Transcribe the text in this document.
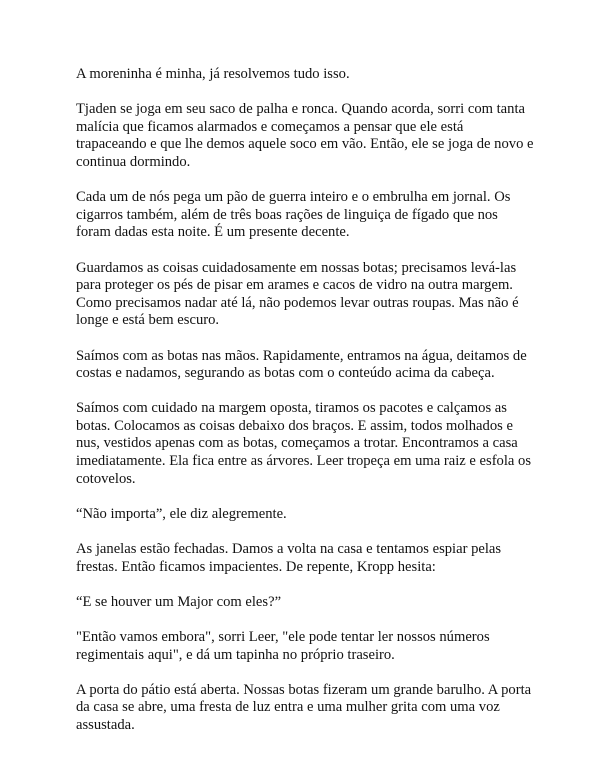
A moreninha é minha, já resolvemos tudo isso.

Tjaden se joga em seu saco de palha e ronca. Quando acorda, sorri com tanta malícia que ficamos alarmados e começamos a pensar que ele está trapaceando e que lhe demos aquele soco em vão. Então, ele se joga de novo e continua dormindo.

Cada um de nós pega um pão de guerra inteiro e o embrulha em jornal. Os cigarros também, além de três boas rações de linguiça de fígado que nos foram dadas esta noite. É um presente decente.

Guardamos as coisas cuidadosamente em nossas botas; precisamos levá-las para proteger os pés de pisar em arames e cacos de vidro na outra margem. Como precisamos nadar até lá, não podemos levar outras roupas. Mas não é longe e está bem escuro.

Saímos com as botas nas mãos. Rapidamente, entramos na água, deitamos de costas e nadamos, segurando as botas com o conteúdo acima da cabeça.

Saímos com cuidado na margem oposta, tiramos os pacotes e calçamos as botas. Colocamos as coisas debaixo dos braços. E assim, todos molhados e nus, vestidos apenas com as botas, começamos a trotar. Encontramos a casa imediatamente. Ela fica entre as árvores. Leer tropeça em uma raiz e esfola os cotovelos.

“Não importa”, ele diz alegremente.

As janelas estão fechadas. Damos a volta na casa e tentamos espiar pelas frestas. Então ficamos impacientes. De repente, Kropp hesita:

“E se houver um Major com eles?”

"Então vamos embora", sorri Leer, "ele pode tentar ler nossos números regimentais aqui", e dá um tapinha no próprio traseiro.

A porta do pátio está aberta. Nossas botas fizeram um grande barulho. A porta da casa se abre, uma fresta de luz entra e uma mulher grita com uma voz assustada.
